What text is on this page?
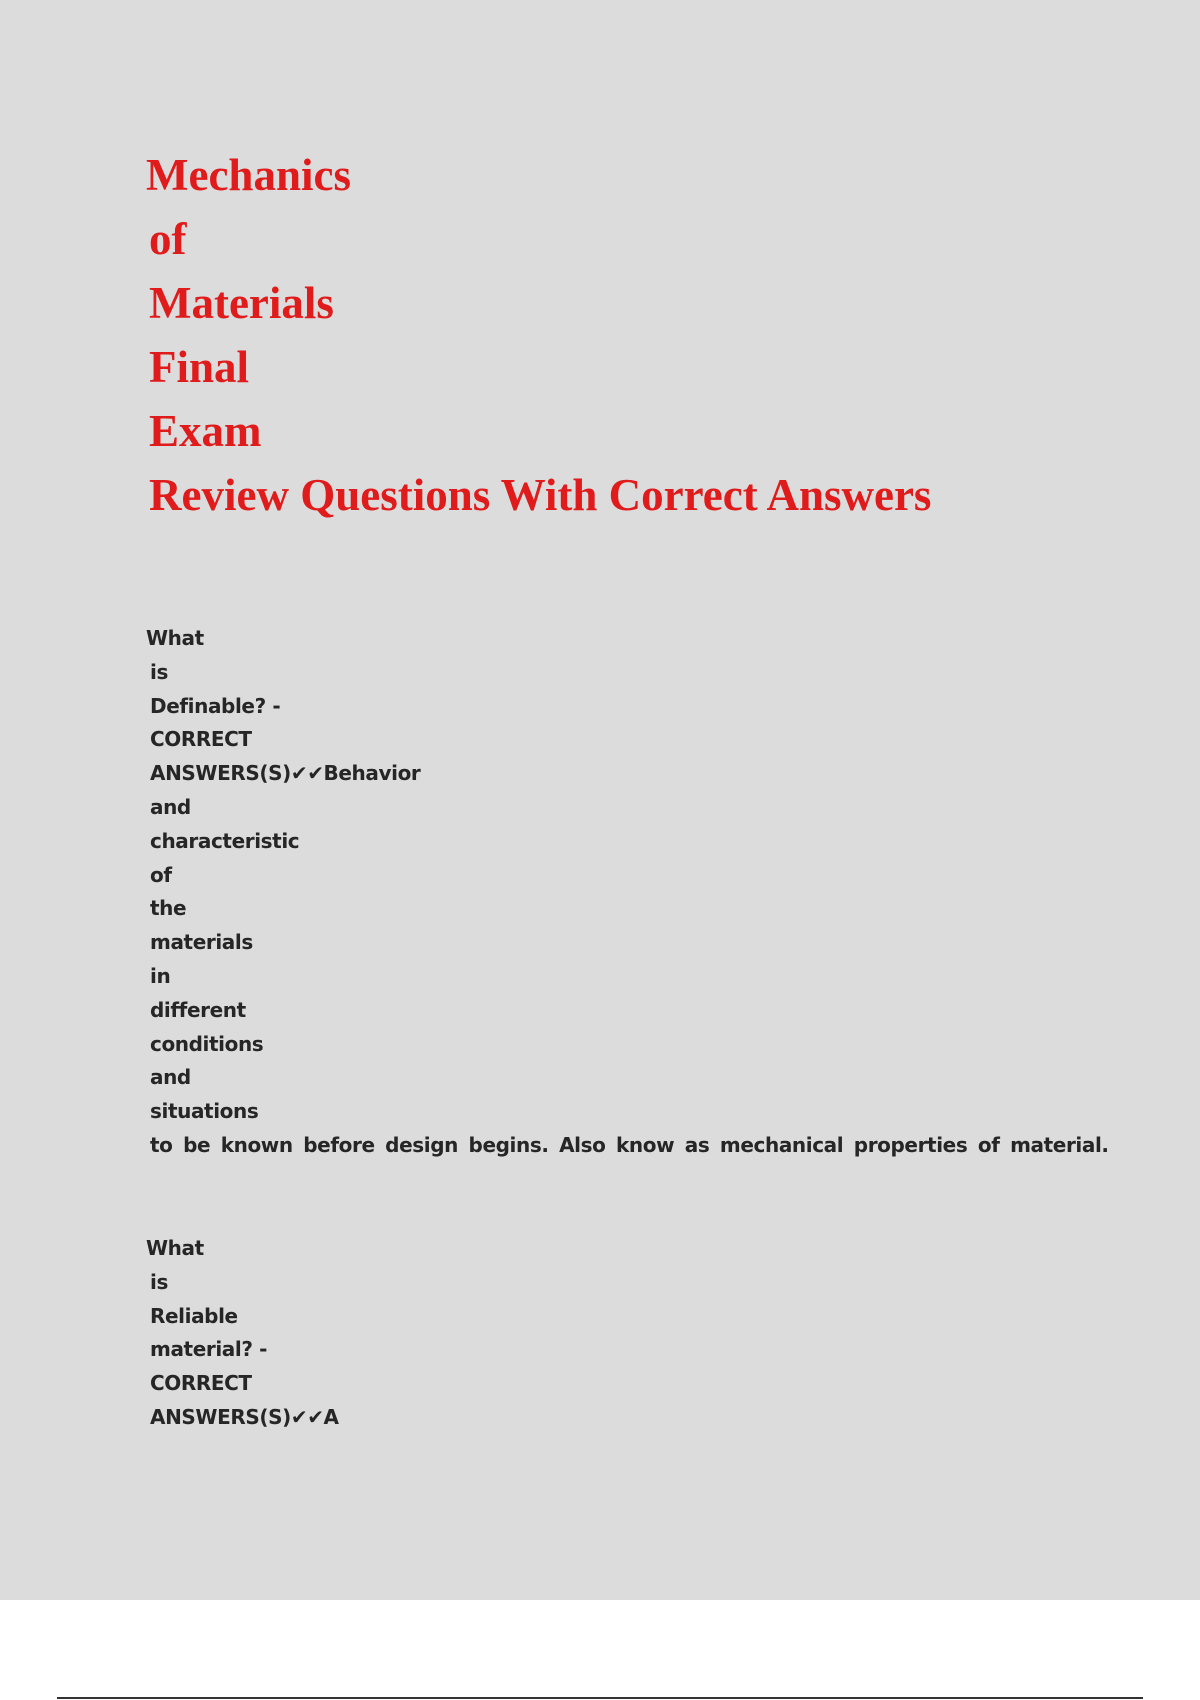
Mechanics
of
Materials
Final
Exam
Review Questions With Correct Answers
What
is
Definable? -
CORRECT
ANSWERS(S)✔✔Behavior
and
characteristic
of
the
materials
in
different
conditions
and
situations
to be known before design begins. Also know as mechanical properties of material.
What
is
Reliable
material? -
CORRECT
ANSWERS(S)✔✔A
